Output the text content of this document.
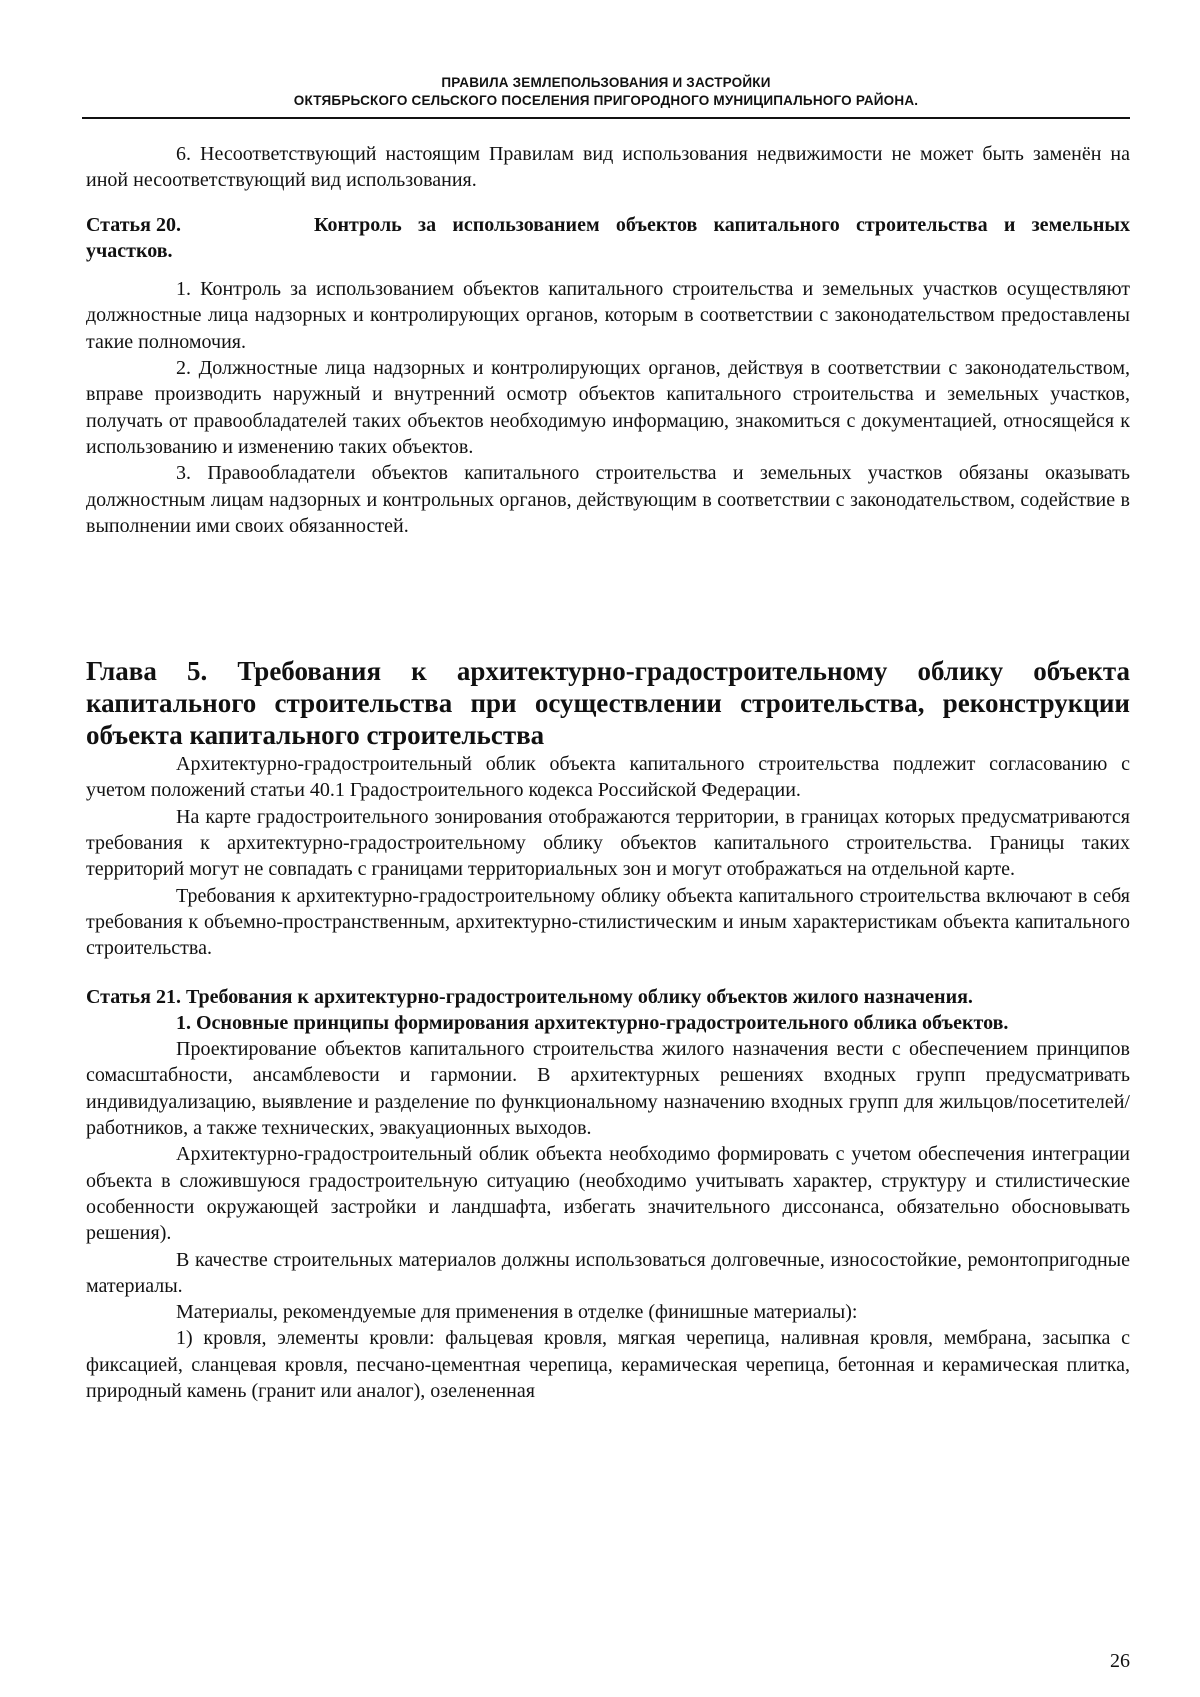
ПРАВИЛА ЗЕМЛЕПОЛЬЗОВАНИЯ И ЗАСТРОЙКИ
ОКТЯБРЬСКОГО СЕЛЬСКОГО ПОСЕЛЕНИЯ ПРИГОРОДНОГО МУНИЦИПАЛЬНОГО РАЙОНА.

6. Несоответствующий настоящим Правилам вид использования недвижимости не может быть заменён на иной несоответствующий вид использования.

Статья 20.	Контроль за использованием объектов капитального строительства и земельных участков.

1. Контроль за использованием объектов капитального строительства и земельных участков осуществляют должностные лица надзорных и контролирующих органов, которым в соответствии с законодательством предоставлены такие полномочия.

2. Должностные лица надзорных и контролирующих органов, действуя в соответствии с законодательством, вправе производить наружный и внутренний осмотр объектов капитального строительства и земельных участков, получать от правообладателей таких объектов необходимую информацию, знакомиться с документацией, относящейся к использованию и изменению таких объектов.

3. Правообладатели объектов капитального строительства и земельных участков обязаны оказывать должностным лицам надзорных и контрольных органов, действующим в соответствии с законодательством, содействие в выполнении ими своих обязанностей.

Глава 5. Требования к архитектурно-градостроительному облику объекта капитального строительства при осуществлении строительства, реконструкции объекта капитального строительства

Архитектурно-градостроительный облик объекта капитального строительства подлежит согласованию с учетом положений статьи 40.1 Градостроительного кодекса Российской Федерации.

На карте градостроительного зонирования отображаются территории, в границах которых предусматриваются требования к архитектурно-градостроительному облику объектов капитального строительства. Границы таких территорий могут не совпадать с границами территориальных зон и могут отображаться на отдельной карте.

Требования к архитектурно-градостроительному облику объекта капитального строительства включают в себя требования к объемно-пространственным, архитектурно-стилистическим и иным характеристикам объекта капитального строительства.

Статья 21. Требования к архитектурно-градостроительному облику объектов жилого назначения.

1. Основные принципы формирования архитектурно-градостроительного облика объектов.

Проектирование объектов капитального строительства жилого назначения вести с обеспечением принципов сомасштабности, ансамблевости и гармонии. В архитектурных решениях входных групп предусматривать индивидуализацию, выявление и разделение по функциональному назначению входных групп для жильцов/посетителей/работников, а также технических, эвакуационных выходов.

Архитектурно-градостроительный облик объекта необходимо формировать с учетом обеспечения интеграции объекта в сложившуюся градостроительную ситуацию (необходимо учитывать характер, структуру и стилистические особенности окружающей застройки и ландшафта, избегать значительного диссонанса, обязательно обосновывать решения).

В качестве строительных материалов должны использоваться долговечные, износостойкие, ремонтопригодные материалы.

Материалы, рекомендуемые для применения в отделке (финишные материалы):

1) кровля, элементы кровли: фальцевая кровля, мягкая черепица, наливная кровля, мембрана, засыпка с фиксацией, сланцевая кровля, песчано-цементная черепица, керамическая черепица, бетонная и керамическая плитка, природный камень (гранит или аналог), озелененная

26
